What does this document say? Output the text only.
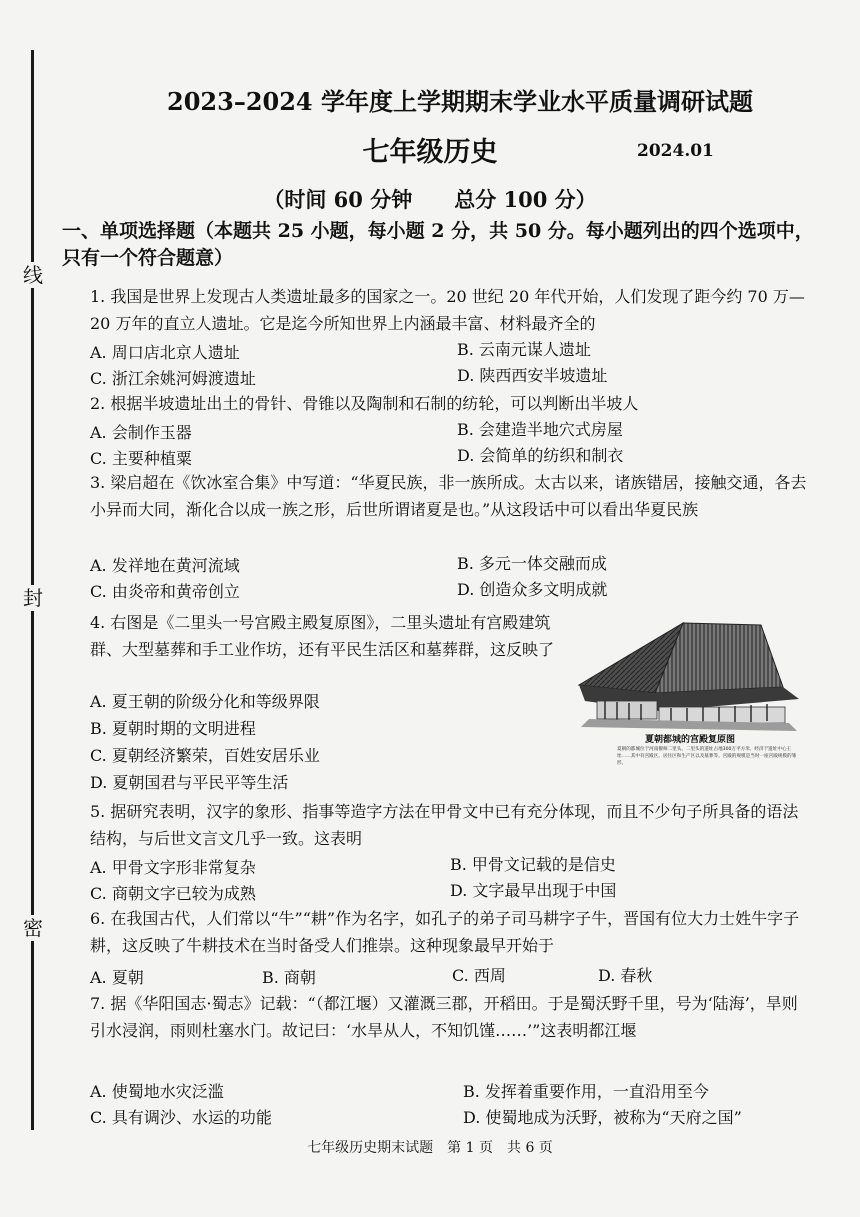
线
封
密
2023–2024 学年度上学期期末学业水平质量调研试题
七年级历史	2024.01
（时间 60 分钟　　总分 100 分）
一、单项选择题（本题共 25 小题，每小题 2 分，共 50 分。每小题列出的四个选项中，只有一个符合题意）
1. 我国是世界上发现古人类遗址最多的国家之一。20 世纪 20 年代开始，人们发现了距今约 70 万—20 万年的直立人遗址。它是迄今所知世界上内涵最丰富、材料最齐全的
A. 周口店北京人遗址	B. 云南元谋人遗址
C. 浙江余姚河姆渡遗址	D. 陕西西安半坡遗址
2. 根据半坡遗址出土的骨针、骨锥以及陶制和石制的纺轮，可以判断出半坡人
A. 会制作玉器	B. 会建造半地穴式房屋
C. 主要种植粟	D. 会简单的纺织和制衣
3. 梁启超在《饮冰室合集》中写道：“华夏民族，非一族所成。太古以来，诸族错居，接触交通，各去小异而大同，渐化合以成一族之形，后世所谓诸夏是也。”从这段话中可以看出华夏民族
A. 发祥地在黄河流域	B. 多元一体交融而成
C. 由炎帝和黄帝创立	D. 创造众多文明成就
4. 右图是《二里头一号宫殿主殿复原图》，二里头遗址有宫殿建筑群、大型墓葬和手工业作坊，还有平民生活区和墓葬群，这反映了
A. 夏王朝的阶级分化和等级界限
B. 夏朝时期的文明进程
C. 夏朝经济繁荣，百姓安居乐业
D. 夏朝国君与平民平等生活
夏朝都城的宫殿复原图
夏朝的都城位于河南偃师二里头。二里头的遗址占地300万平方米，经济于遗址中心王址……其中有宫殿区、居住区和生产区以及墓葬等。宫殿的规模是当时一座宫殿规模的雏形。
5. 据研究表明，汉字的象形、指事等造字方法在甲骨文中已有充分体现，而且不少句子所具备的语法结构，与后世文言文几乎一致。这表明
A. 甲骨文字形非常复杂	B. 甲骨文记载的是信史
C. 商朝文字已较为成熟	D. 文字最早出现于中国
6. 在我国古代，人们常以“牛”“耕”作为名字，如孔子的弟子司马耕字子牛，晋国有位大力士姓牛字子耕，这反映了牛耕技术在当时备受人们推崇。这种现象最早开始于
A. 夏朝	B. 商朝	C. 西周	D. 春秋
7. 据《华阳国志·蜀志》记载：“（都江堰）又灌溉三郡，开稻田。于是蜀沃野千里，号为‘陆海’，旱则引水浸润，雨则杜塞水门。故记曰：‘水旱从人，不知饥馑……’”这表明都江堰
A. 使蜀地水灾泛滥	B. 发挥着重要作用，一直沿用至今
C. 具有调沙、水运的功能	D. 使蜀地成为沃野，被称为“天府之国”
七年级历史期末试题　第 1 页　共 6 页
